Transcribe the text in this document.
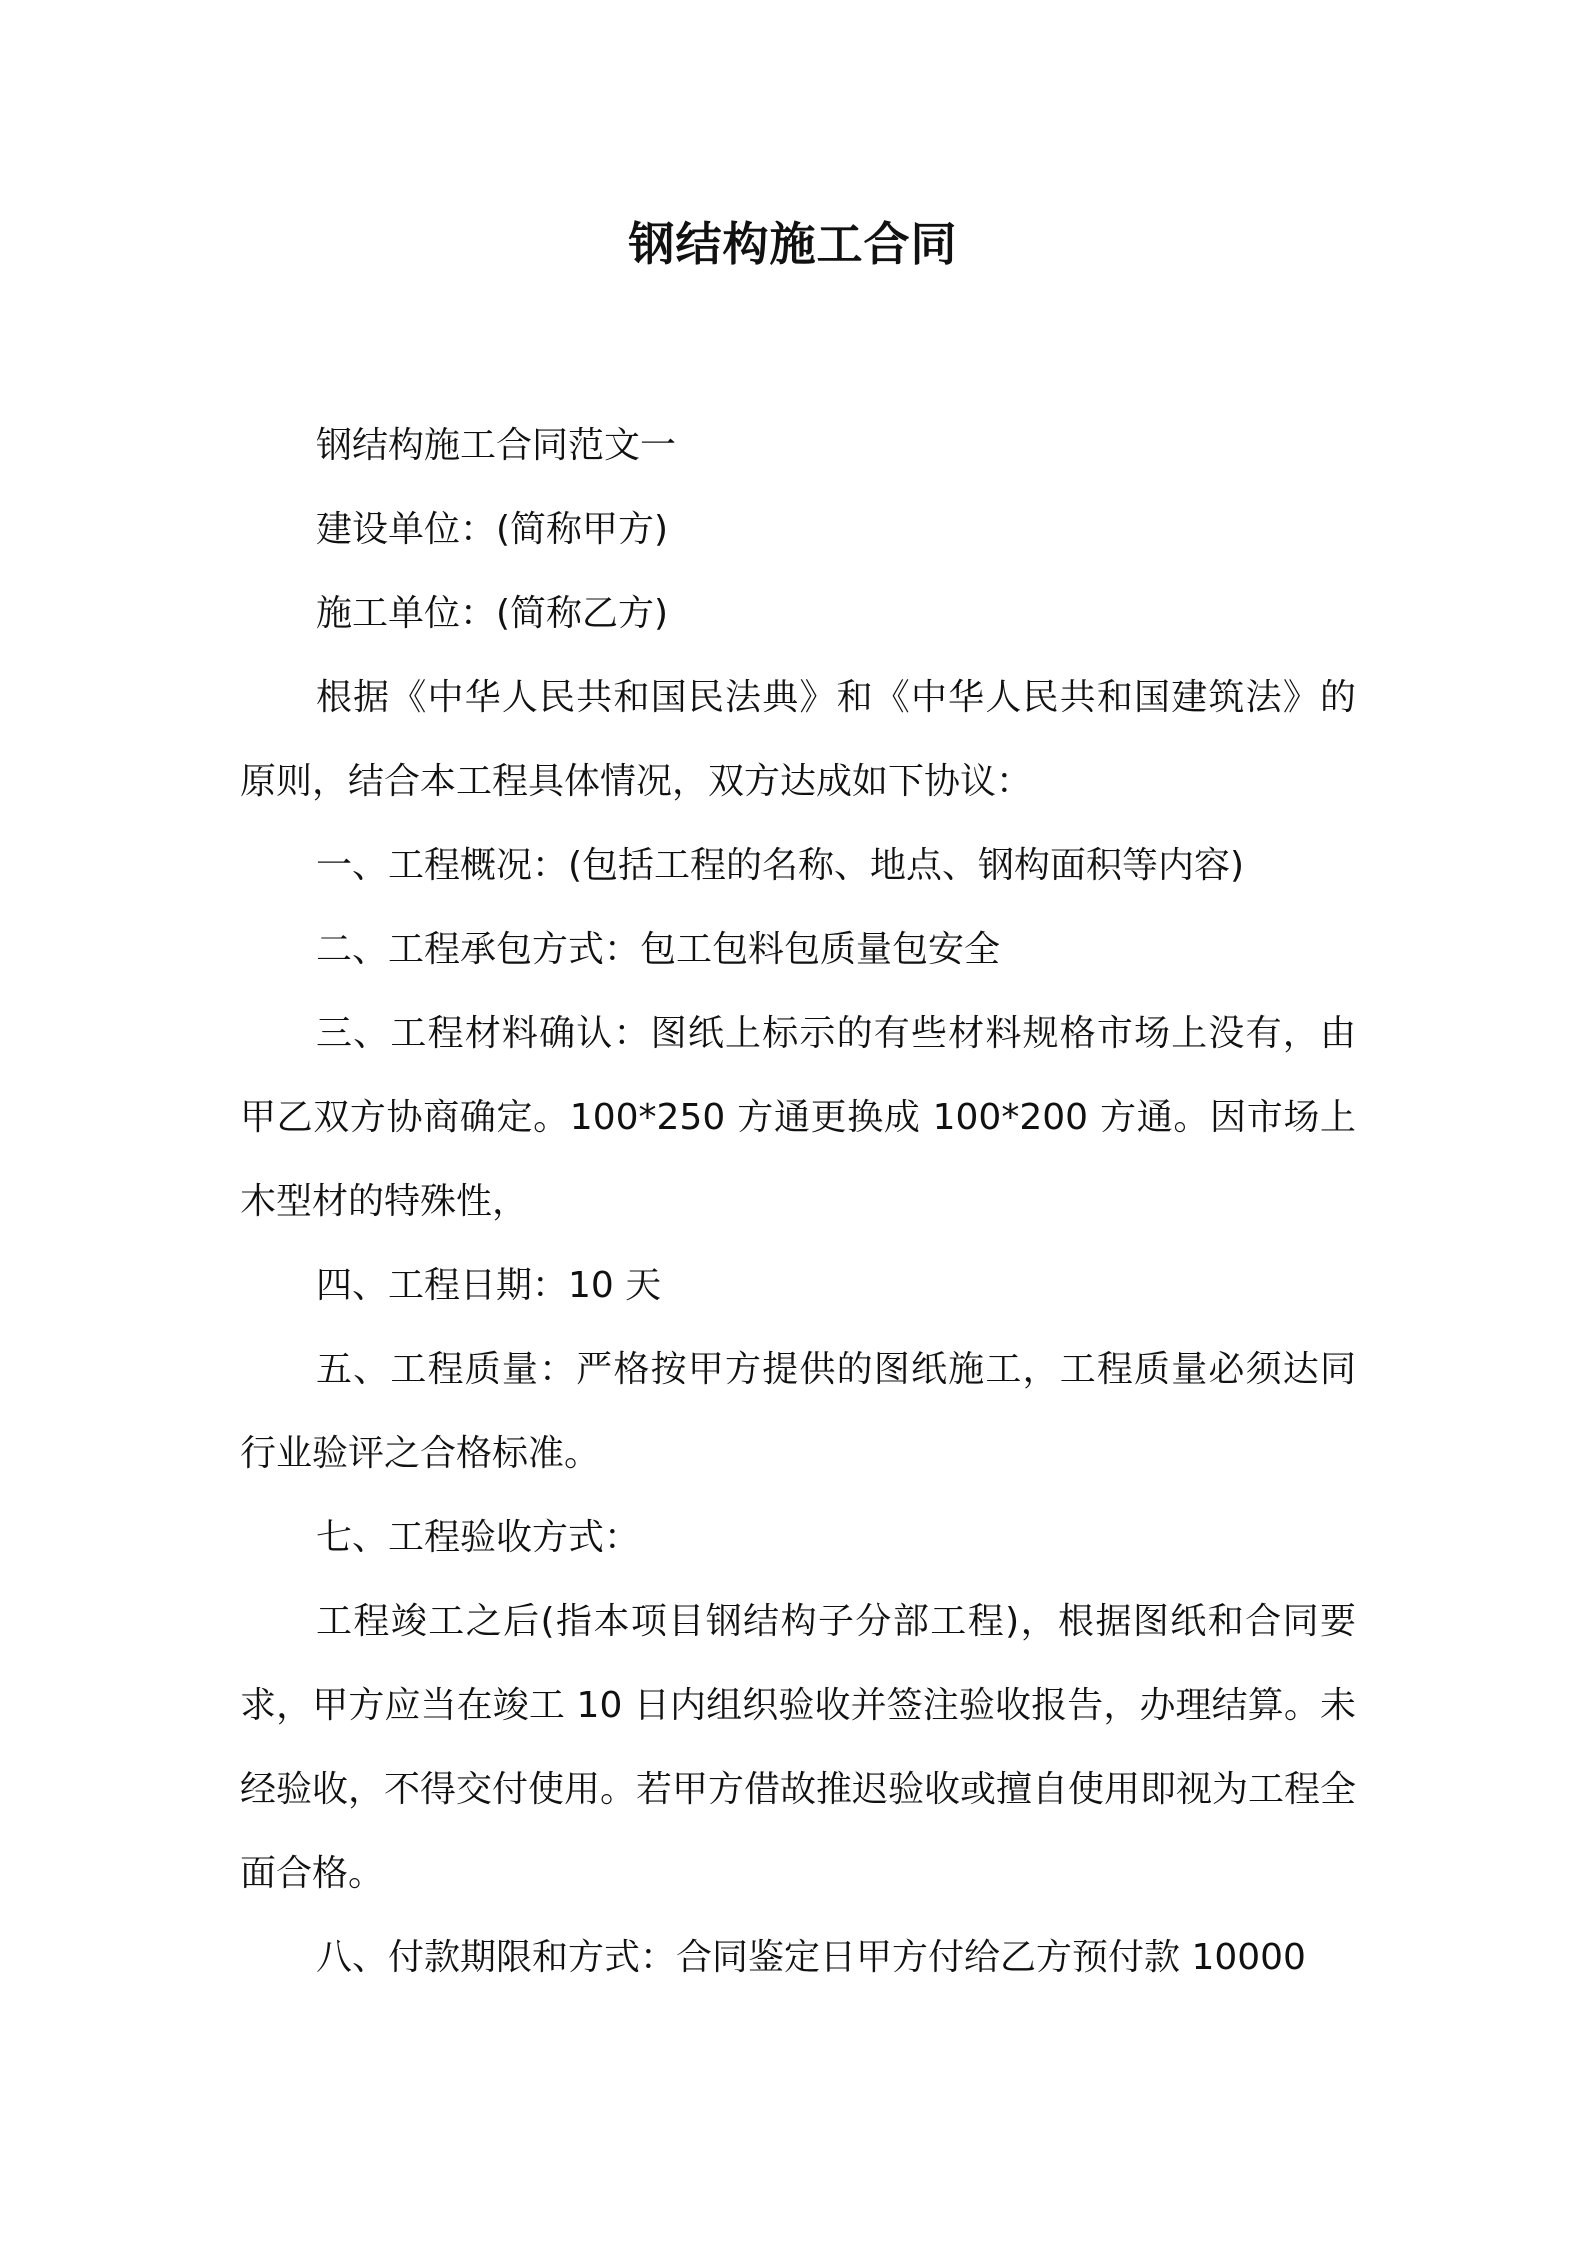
钢结构施工合同

钢结构施工合同范文一

建设单位：(简称甲方)

施工单位：(简称乙方)

根据《中华人民共和国民法典》和《中华人民共和国建筑法》的原则，结合本工程具体情况，双方达成如下协议：

一、工程概况：(包括工程的名称、地点、钢构面积等内容)

二、工程承包方式：包工包料包质量包安全

三、工程材料确认：图纸上标示的有些材料规格市场上没有，由甲乙双方协商确定。100*250 方通更换成 100*200 方通。因市场上木型材的特殊性，

四、工程日期：10 天

五、工程质量：严格按甲方提供的图纸施工，工程质量必须达同行业验评之合格标准。

七、工程验收方式：

工程竣工之后(指本项目钢结构子分部工程)，根据图纸和合同要求，甲方应当在竣工 10 日内组织验收并签注验收报告，办理结算。未经验收，不得交付使用。若甲方借故推迟验收或擅自使用即视为工程全面合格。

八、付款期限和方式：合同鉴定日甲方付给乙方预付款 10000
